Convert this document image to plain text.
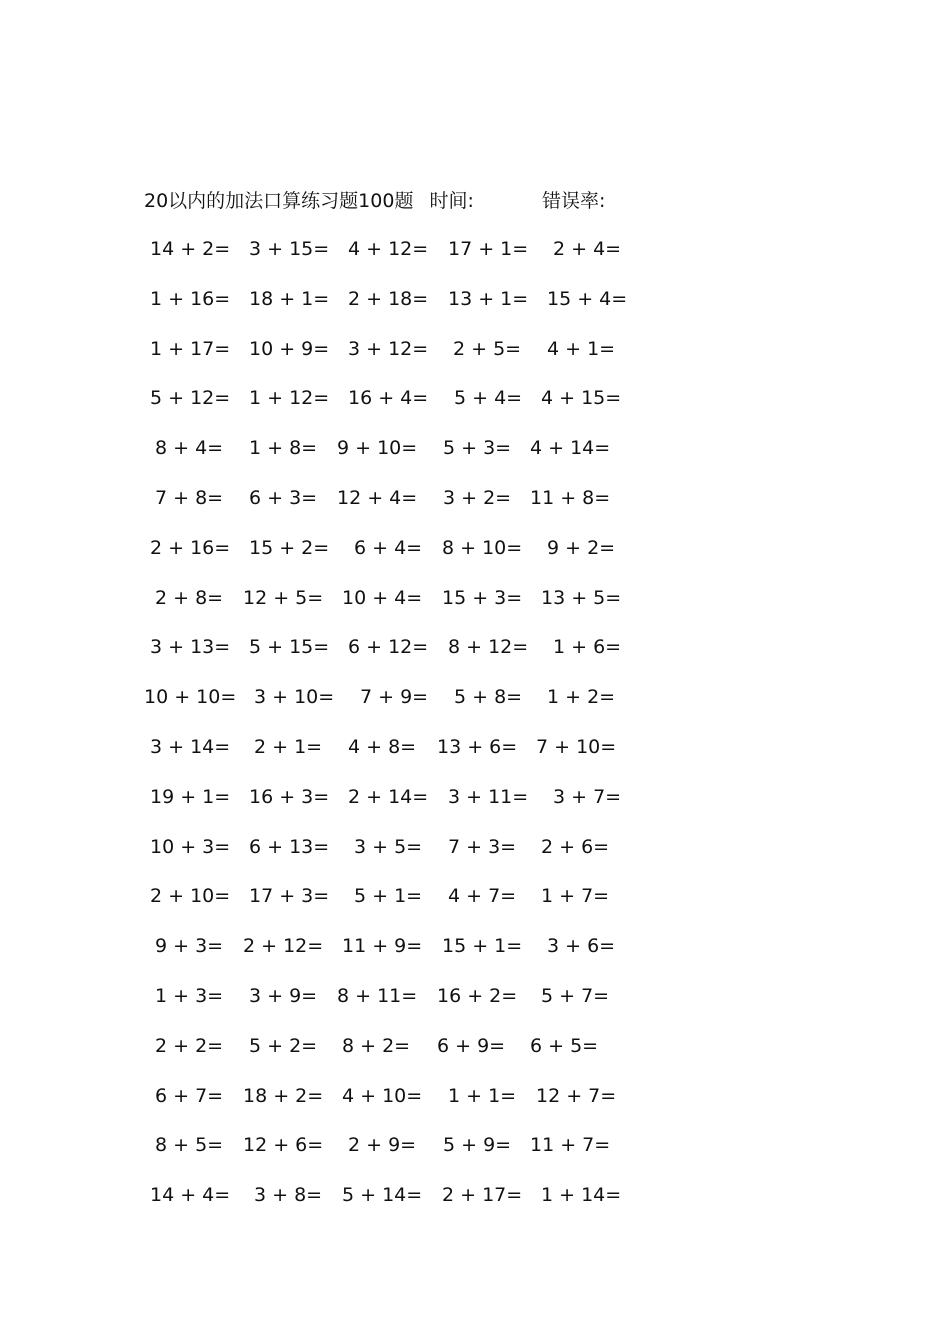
20以内的加法口算练习题100题 时间:	错误率:
14 + 2= 3 + 15= 4 + 12= 17 + 1= 2 + 4=
1 + 16= 18 + 1= 2 + 18= 13 + 1= 15 + 4=
1 + 17= 10 + 9= 3 + 12= 2 + 5= 4 + 1=
5 + 12= 1 + 12= 16 + 4= 5 + 4= 4 + 15=
8 + 4= 1 + 8= 9 + 10= 5 + 3= 4 + 14=
7 + 8= 6 + 3= 12 + 4= 3 + 2= 11 + 8=
2 + 16= 15 + 2= 6 + 4= 8 + 10= 9 + 2=
2 + 8= 12 + 5= 10 + 4= 15 + 3= 13 + 5=
3 + 13= 5 + 15= 6 + 12= 8 + 12= 1 + 6=
10 + 10= 3 + 10= 7 + 9= 5 + 8= 1 + 2=
3 + 14= 2 + 1= 4 + 8= 13 + 6= 7 + 10=
19 + 1= 16 + 3= 2 + 14= 3 + 11= 3 + 7=
10 + 3= 6 + 13= 3 + 5= 7 + 3= 2 + 6=
2 + 10= 17 + 3= 5 + 1= 4 + 7= 1 + 7=
9 + 3= 2 + 12= 11 + 9= 15 + 1= 3 + 6=
1 + 3= 3 + 9= 8 + 11= 16 + 2= 5 + 7=
2 + 2= 5 + 2= 8 + 2= 6 + 9= 6 + 5=
6 + 7= 18 + 2= 4 + 10= 1 + 1= 12 + 7=
8 + 5= 12 + 6= 2 + 9= 5 + 9= 11 + 7=
14 + 4= 3 + 8= 5 + 14= 2 + 17= 1 + 14=
